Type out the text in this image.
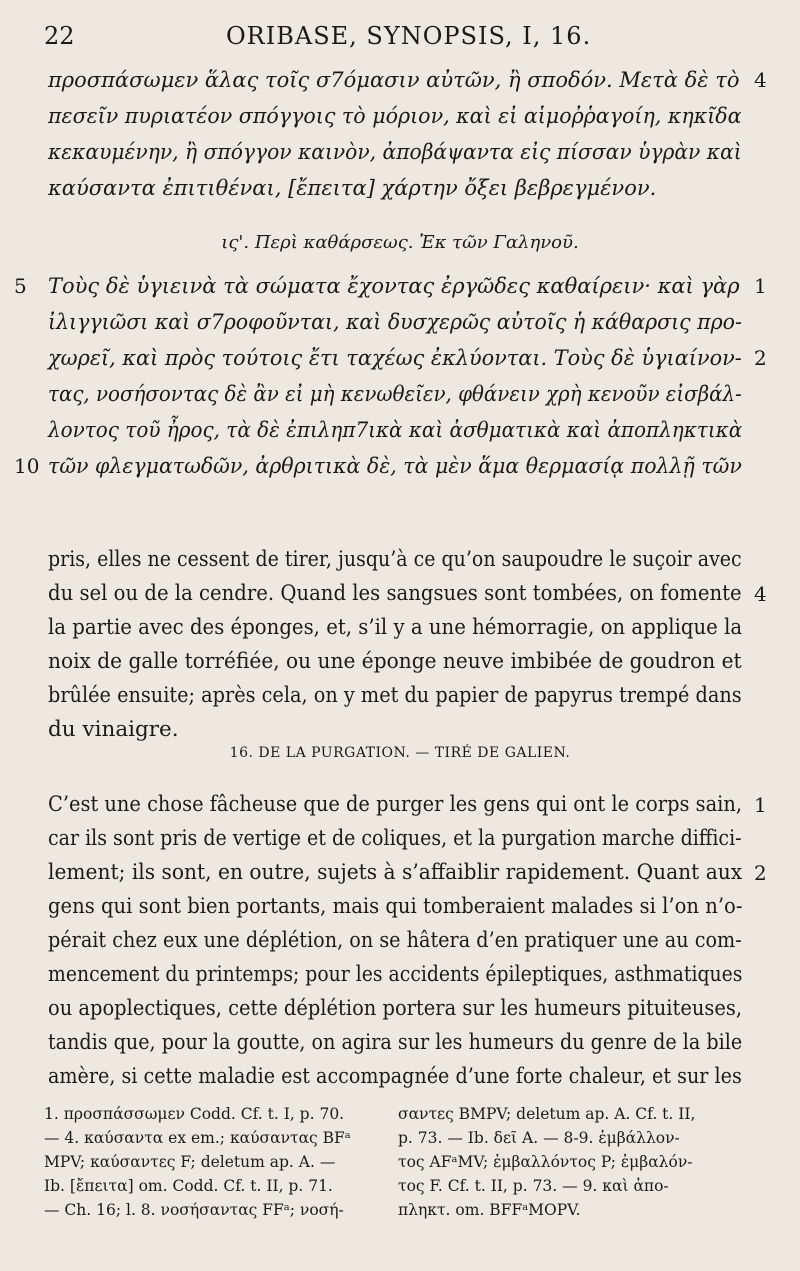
22	ORIBASE, SYNOPSIS, I, 16.
προσπάσωμεν ἅλας τοῖς σ7όμασιν αὐτῶν, ἢ σποδόν. Μετὰ δὲ τὸ 4
πεσεῖν πυριατέον σπόγγοις τὸ μόριον, καὶ εἰ αἱμοῤῥαγοίη, κηκῖδα
κεκαυμένην, ἢ σπόγγον καινὸν, ἀποβάψαντα εἰς πίσσαν ὑγρὰν καὶ
καύσαντα ἐπιτιθέναι, [ἔπειτα] χάρτην ὄξει βεβρεγμένον.
ις'. Περὶ καθάρσεως. Ἐκ τῶν Γαληνοῦ.
5 Τοὺς δὲ ὑγιεινὰ τὰ σώματα ἔχοντας ἐργῶδες καθαίρειν· καὶ γὰρ 1
ἰλιγγιῶσι καὶ σ7ροφοῦνται, καὶ δυσχερῶς αὐτοῖς ἡ κάθαρσις προ-
χωρεῖ, καὶ πρὸς τούτοις ἔτι ταχέως ἐκλύονται. Τοὺς δὲ ὑγιαίνον- 2
τας, νοσήσοντας δὲ ἂν εἰ μὴ κενωθεῖεν, φθάνειν χρὴ κενοῦν εἰσβάλ-
λοντος τοῦ ἦρος, τὰ δὲ ἐπιληπ7ικὰ καὶ ἀσθματικὰ καὶ ἀποπληκτικὰ
10 τῶν φλεγματωδῶν, ἀρθριτικὰ δὲ, τὰ μὲν ἅμα θερμασίᾳ πολλῇ τῶν
pris, elles ne cessent de tirer, jusqu’à ce qu’on saupoudre le suçoir avec
du sel ou de la cendre. Quand les sangsues sont tombées, on fomente 4
la partie avec des éponges, et, s’il y a une hémorragie, on applique la
noix de galle torréfiée, ou une éponge neuve imbibée de goudron et
brûlée ensuite; après cela, on y met du papier de papyrus trempé dans
du vinaigre.
16. DE LA PURGATION. — TIRÉ DE GALIEN.
C’est une chose fâcheuse que de purger les gens qui ont le corps sain, 1
car ils sont pris de vertige et de coliques, et la purgation marche diffici-
lement; ils sont, en outre, sujets à s’affaiblir rapidement. Quant aux 2
gens qui sont bien portants, mais qui tomberaient malades si l’on n’o-
pérait chez eux une déplétion, on se hâtera d’en pratiquer une au com-
mencement du printemps; pour les accidents épileptiques, asthmatiques
ou apoplectiques, cette déplétion portera sur les humeurs pituiteuses,
tandis que, pour la goutte, on agira sur les humeurs du genre de la bile
amère, si cette maladie est accompagnée d’une forte chaleur, et sur les
1. προσπάσσωμεν Codd. Cf. t. I, p. 70.
— 4. καύσαντα ex em.; καύσαντας BFᵃ
MPV; καύσαντες F; deletum ap. A. —
Ib. [ἔπειτα] om. Codd. Cf. t. II, p. 71.
— Ch. 16; l. 8. νοσήσαντας FFᵃ; νοσή-
σαντες BMPV; deletum ap. A. Cf. t. II,
p. 73. — Ib. δεῖ A. — 8-9. ἐμβάλλον-
τος AFᵃMV; ἐμβαλλόντος P; ἐμβαλόν-
τος F. Cf. t. II, p. 73. — 9. καὶ ἀπο-
πληκτ. om. BFFᵃMOPV.
